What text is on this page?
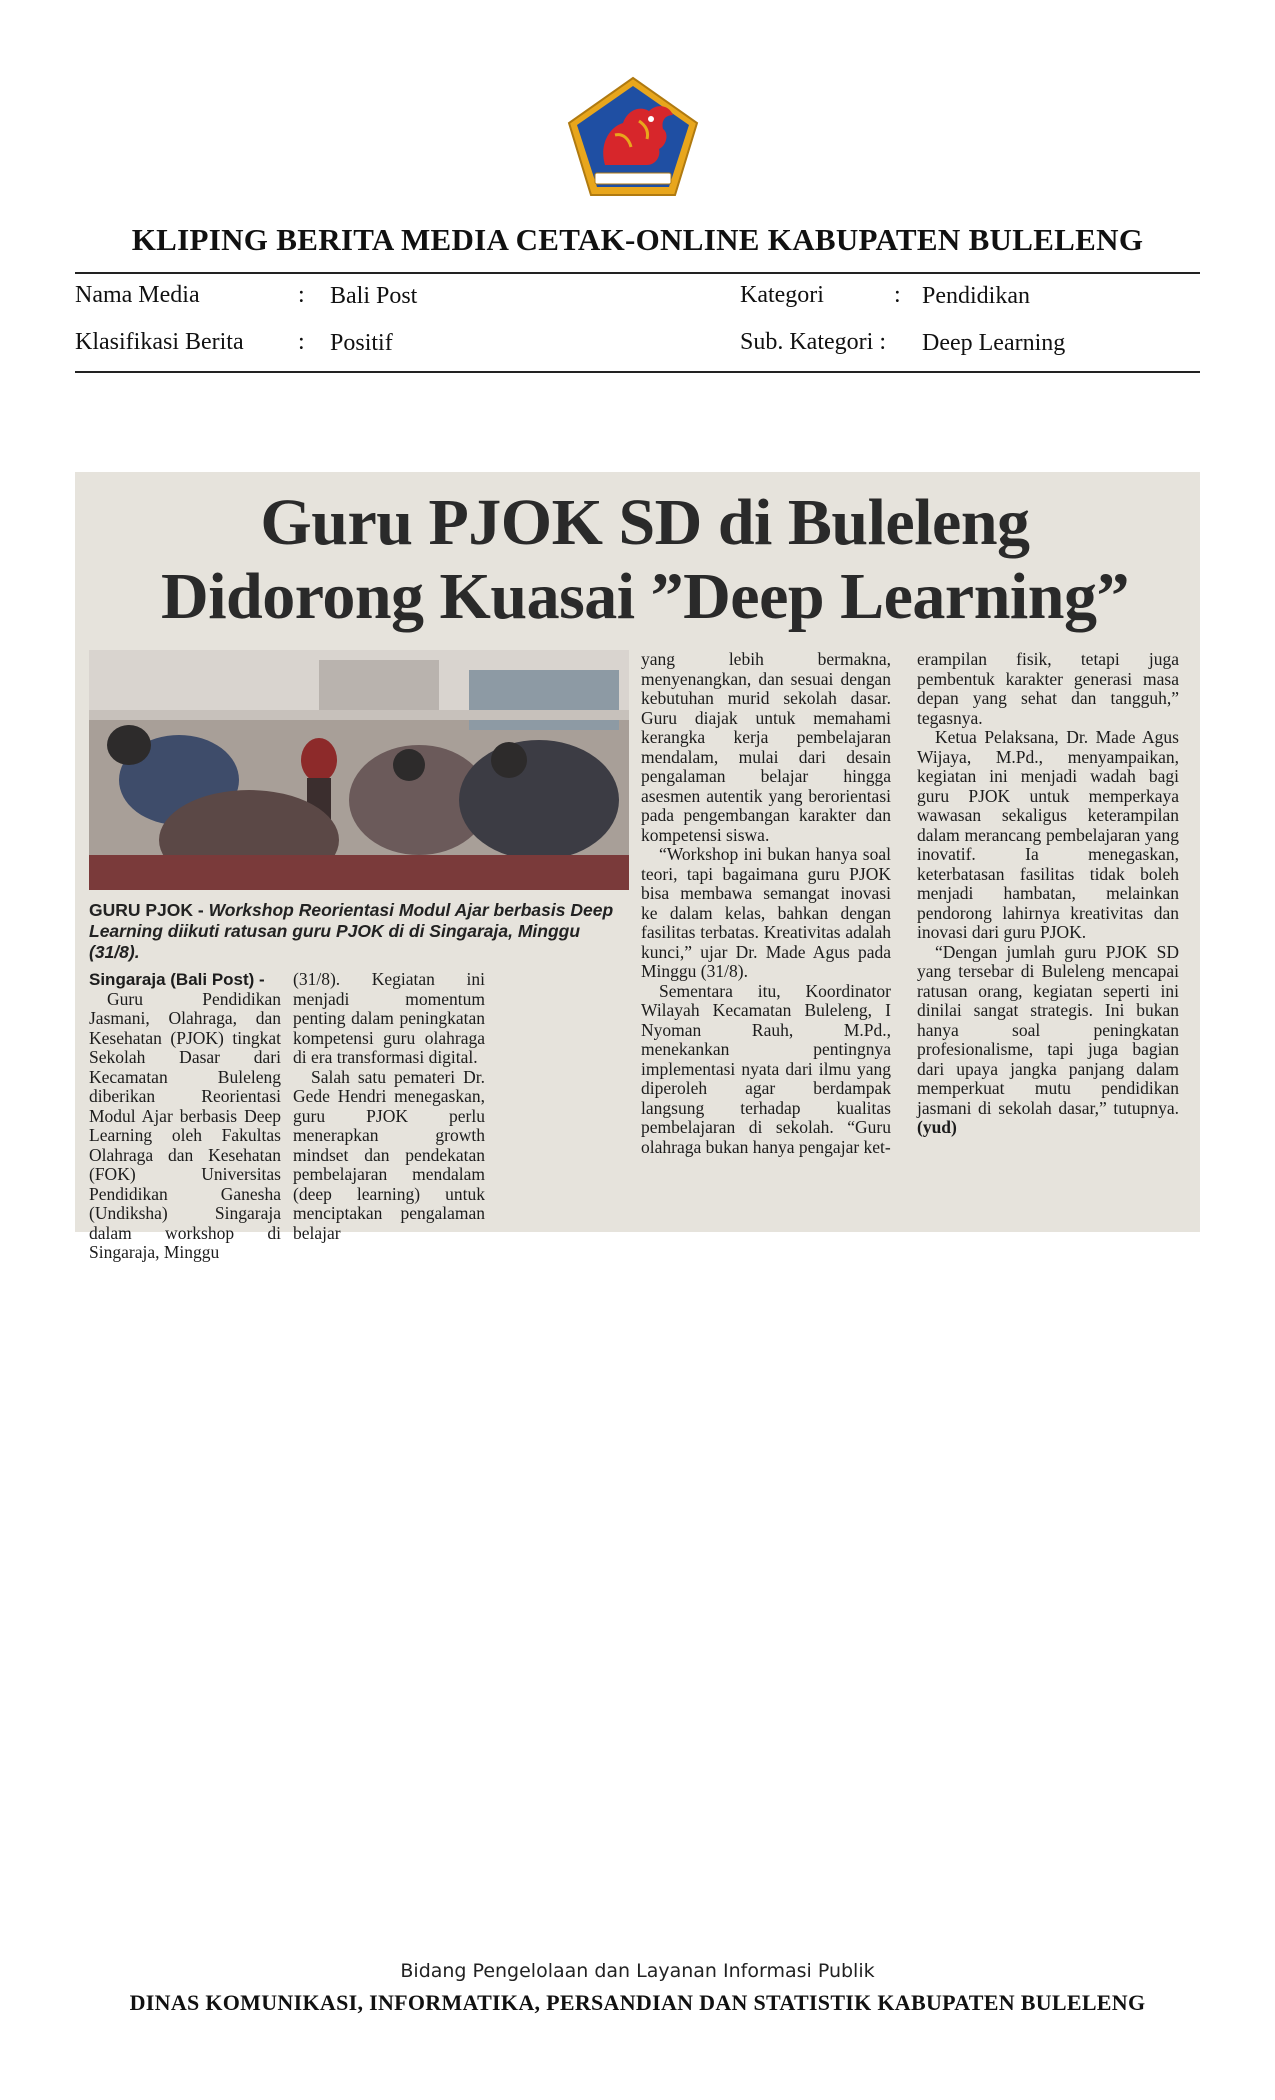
KLIPING BERITA MEDIA CETAK-ONLINE KABUPATEN BULELENG
Nama Media	: Bali Post	Kategori	: Pendidikan
Klasifikasi Berita : Positif	Sub. Kategori : Deep Learning
Guru PJOK SD di Buleleng
Didorong Kuasai ”Deep Learning”
GURU PJOK - Workshop Reorientasi Modul Ajar berbasis Deep Learning diikuti ratusan guru PJOK di di Singaraja, Minggu (31/8).

Singaraja (Bali Post) -

Guru Pendidikan Jasmani, Olahraga, dan Kesehatan (PJOK) tingkat Sekolah Dasar dari Kecamatan Buleleng diberikan Reorientasi Modul Ajar berbasis Deep Learning oleh Fakultas Olahraga dan Kesehatan (FOK) Universitas Pendidikan Ganesha (Undiksha) Singaraja dalam workshop di Singaraja, Minggu

(31/8). Kegiatan ini menjadi momentum penting dalam peningkatan kompetensi guru olahraga di era transformasi digital.

Salah satu pemateri Dr. Gede Hendri menegaskan, guru PJOK perlu menerapkan growth mindset dan pendekatan pembelajaran mendalam (deep learning) untuk menciptakan pengalaman belajar

yang lebih bermakna, menyenangkan, dan sesuai dengan kebutuhan murid sekolah dasar. Guru diajak untuk memahami kerangka kerja pembelajaran mendalam, mulai dari desain pengalaman belajar hingga asesmen autentik yang berorientasi pada pengembangan karakter dan kompetensi siswa.

“Workshop ini bukan hanya soal teori, tapi bagaimana guru PJOK bisa membawa semangat inovasi ke dalam kelas, bahkan dengan fasilitas terbatas. Kreativitas adalah kunci,” ujar Dr. Made Agus pada Minggu (31/8).

Sementara itu, Koordinator Wilayah Kecamatan Buleleng, I Nyoman Rauh, M.Pd., menekankan pentingnya implementasi nyata dari ilmu yang diperoleh agar berdampak langsung terhadap kualitas pembelajaran di sekolah. “Guru olahraga bukan hanya pengajar ket-

erampilan fisik, tetapi juga pembentuk karakter generasi masa depan yang sehat dan tangguh,” tegasnya.

Ketua Pelaksana, Dr. Made Agus Wijaya, M.Pd., menyampaikan, kegiatan ini menjadi wadah bagi guru PJOK untuk memperkaya wawasan sekaligus keterampilan dalam merancang pembelajaran yang inovatif. Ia menegaskan, keterbatasan fasilitas tidak boleh menjadi hambatan, melainkan pendorong lahirnya kreativitas dan inovasi dari guru PJOK.

“Dengan jumlah guru PJOK SD yang tersebar di Buleleng mencapai ratusan orang, kegiatan seperti ini dinilai sangat strategis. Ini bukan hanya soal peningkatan profesionalisme, tapi juga bagian dari upaya jangka panjang dalam memperkuat mutu pendidikan jasmani di sekolah dasar,” tutupnya. (yud)

Bidang Pengelolaan dan Layanan Informasi Publik
DINAS KOMUNIKASI, INFORMATIKA, PERSANDIAN DAN STATISTIK KABUPATEN BULELENG
